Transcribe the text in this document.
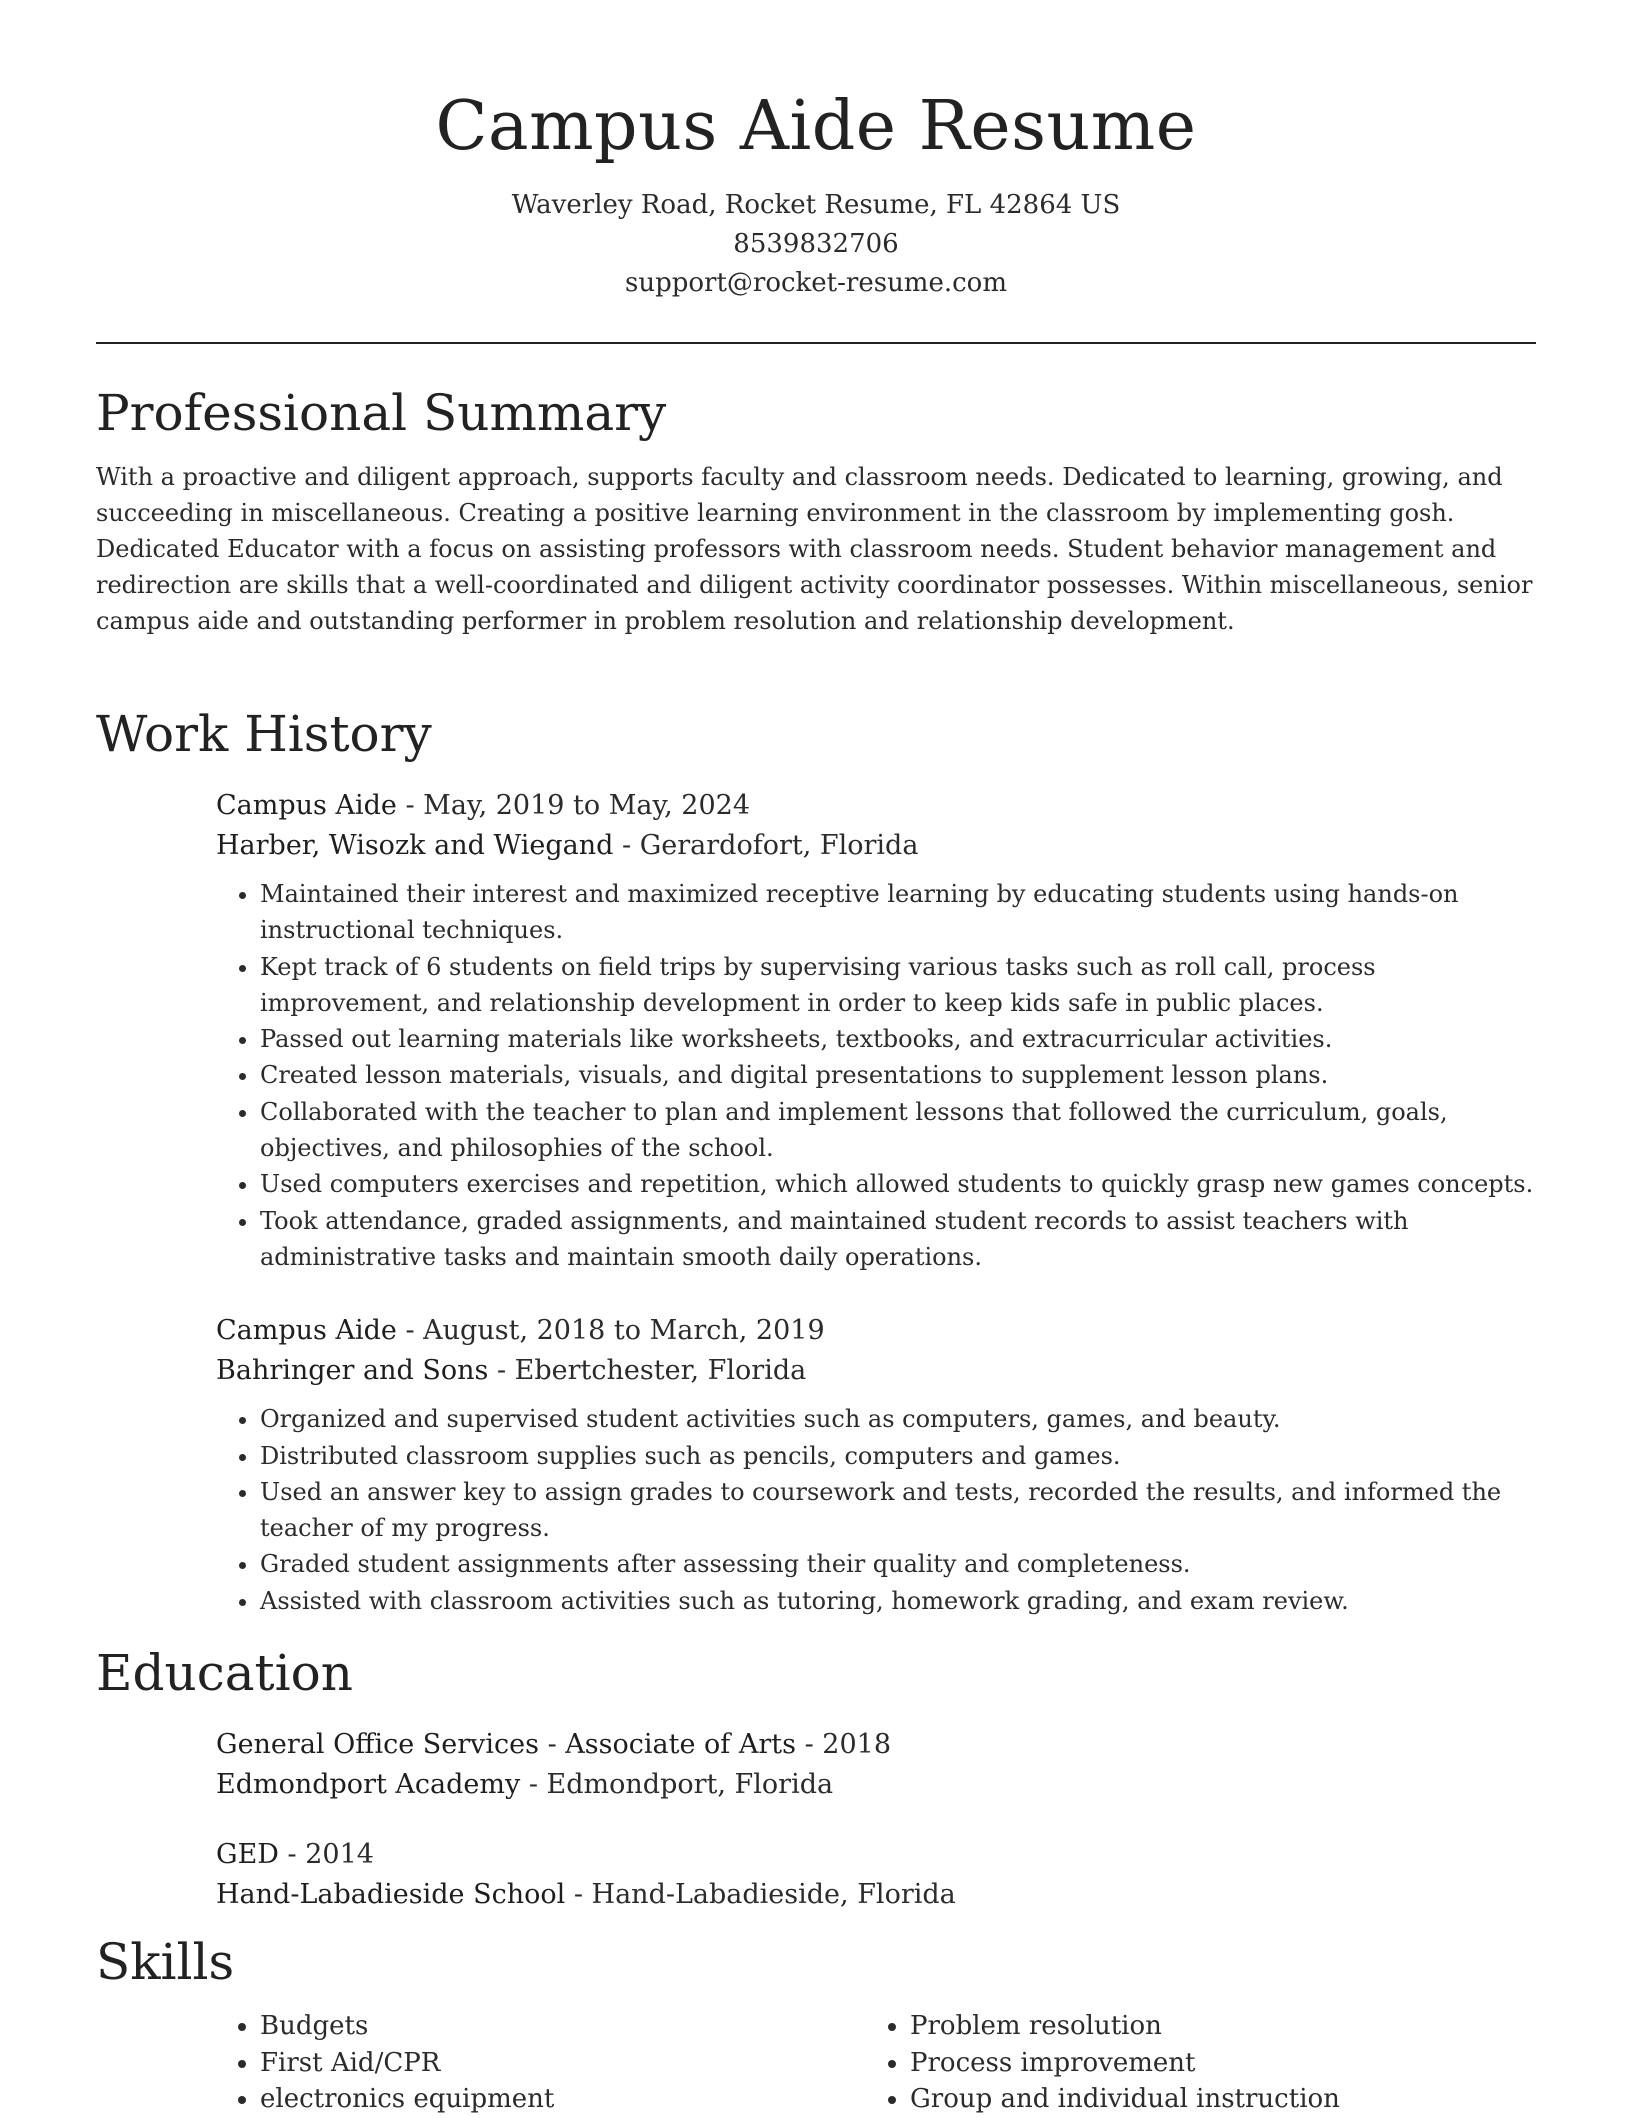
Campus Aide Resume
Waverley Road, Rocket Resume, FL 42864 US
8539832706
support@rocket-resume.com
Professional Summary

With a proactive and diligent approach, supports faculty and classroom needs. Dedicated to learning, growing, and succeeding in miscellaneous. Creating a positive learning environment in the classroom by implementing gosh. Dedicated Educator with a focus on assisting professors with classroom needs. Student behavior management and redirection are skills that a well-coordinated and diligent activity coordinator possesses. Within miscellaneous, senior campus aide and outstanding performer in problem resolution and relationship development.

Work History
Campus Aide - May, 2019 to May, 2024
Harber, Wisozk and Wiegand - Gerardofort, Florida
• Maintained their interest and maximized receptive learning by educating students using hands-on instructional techniques.
• Kept track of 6 students on field trips by supervising various tasks such as roll call, process improvement, and relationship development in order to keep kids safe in public places.
• Passed out learning materials like worksheets, textbooks, and extracurricular activities.
• Created lesson materials, visuals, and digital presentations to supplement lesson plans.
• Collaborated with the teacher to plan and implement lessons that followed the curriculum, goals, objectives, and philosophies of the school.
• Used computers exercises and repetition, which allowed students to quickly grasp new games concepts.
• Took attendance, graded assignments, and maintained student records to assist teachers with administrative tasks and maintain smooth daily operations.
Campus Aide - August, 2018 to March, 2019
Bahringer and Sons - Ebertchester, Florida
• Organized and supervised student activities such as computers, games, and beauty.
• Distributed classroom supplies such as pencils, computers and games.
• Used an answer key to assign grades to coursework and tests, recorded the results, and informed the teacher of my progress.
• Graded student assignments after assessing their quality and completeness.
• Assisted with classroom activities such as tutoring, homework grading, and exam review.
Education
General Office Services - Associate of Arts - 2018
Edmondport Academy - Edmondport, Florida
GED - 2014
Hand-Labadieside School - Hand-Labadieside, Florida
Skills
• Budgets
• First Aid/CPR
• electronics equipment
• Problem resolution
• Process improvement
• Group and individual instruction
